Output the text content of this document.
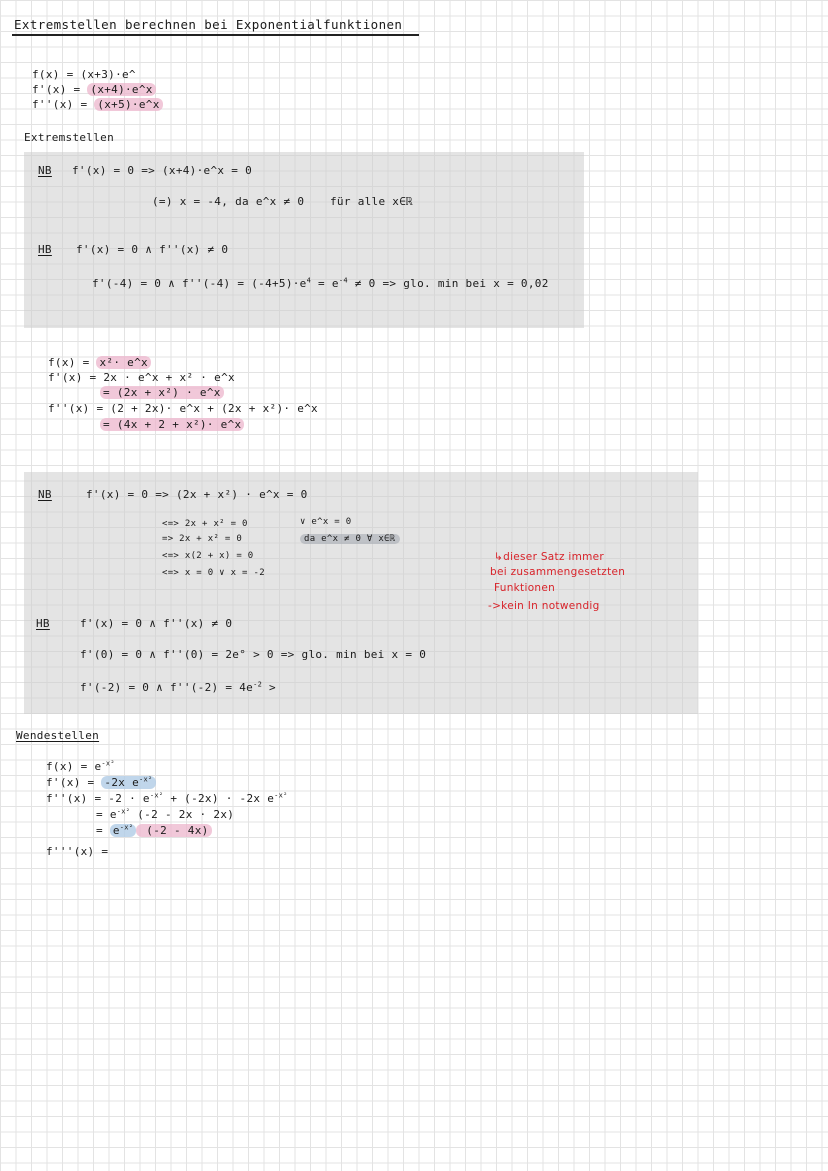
Extremstellen berechnen bei Exponentialfunktionen
f(x) = (x+3)·e^
f'(x) = (x+4)·e^x
f''(x) = (x+5)·e^x
Extremstellen
NB f'(x) = 0 => (x+4)·e^x = 0
(=) x = -4, da e^x ≠ 0 für alle x∈ℝ
HB f'(x) = 0 ∧ f''(x) ≠ 0
f'(-4) = 0 ∧ $f''(-4) = (-4+5)\cdot e^4 = e^{-4} \ne 0$ => glo. min bei x = 0,02
f(x) = x²· e^x
f'(x) = 2x · e^x + x² · e^x
= (2x + x²) · e^x
f''(x) = (2 + 2x)· e^x + (2x + x²)· e^x
= (4x + 2 + x²)· e^x
NB	f'(x) = 0 => (2x + x²) · e^x = 0
<=> 2x + x² = 0	∨ e^x = 0
=> 2x + x² = 0	da e^x ≠ 0 ∀ x∈ℝ
<=> x(2 + x) = 0
<=> x = 0 ∨ x = -2
HB	f'(x) = 0 ∧ f''(x) ≠ 0
f'(0) = 0 ∧ f''(0) = 2e° > 0 => glo. min bei x = 0
f'(-2) = 0 ∧ $f''(-2) = 4e^{-2}$ >
↳dieser Satz immer
bei zusammengesetzten
Funktionen
->kein In notwendig
Wendestellen
$f(x) = e^{-x^2}$
f'(x) = -2x $e^{-x^2}$
$f''(x) = -2 \cdot e^{-x^2} + (-2x) \cdot -2x$ $e^{-x^2}$
= $e^{-x^2}$ (-2 - 2x · 2x)
= $e^{-x^2}$ (-2 - 4x)
f'''(x) =
